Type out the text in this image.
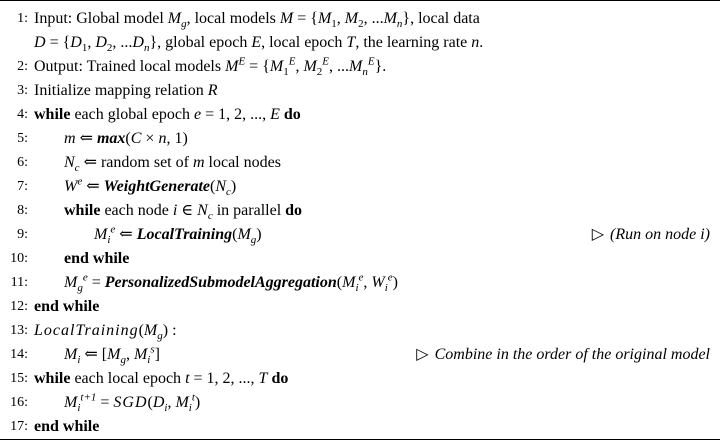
1: Input: Global model $M_g$, local models $M = \{M_1$, $M_2$, $...M_n$}, local data
$D = \{D_1$, $D_2$, $...D_n$}, global epoch E, local epoch T, the learning rate n.
2: Output: Trained local models $M^E = \{M_1^E$, $M_2^E$, $...M_n^E$}.
3: Initialize mapping relation R
4: while each global epoch e = 1, 2, ..., E do
5: m ⇐ max(C × n, 1)
6: $N_c$ ⇐ random set of m local nodes
7: $W^e$ ⇐ $WeightGenerate(N_c)$
8: while each node i ∈ $N_c$ in parallel do
9:	$M_i^e$ ⇐ $LocalTraining(M_g)$	▷ (Run on node i)
10: end while
11: $M_g^e$ = $PersonalizedSubmodelAggregation(M_i^e$, $W_i^e$)
12: end while
13: $LocalTraining(M_g)$ :
14: $M_i$ ⇐ [$M_g$, $M_i^s$]	▷ Combine in the order of the original model
15: while each local epoch t = 1, 2, ..., T do
16: $M_i^{t+1} = SGD(D_i$, $M_i^t$)
17: end while
